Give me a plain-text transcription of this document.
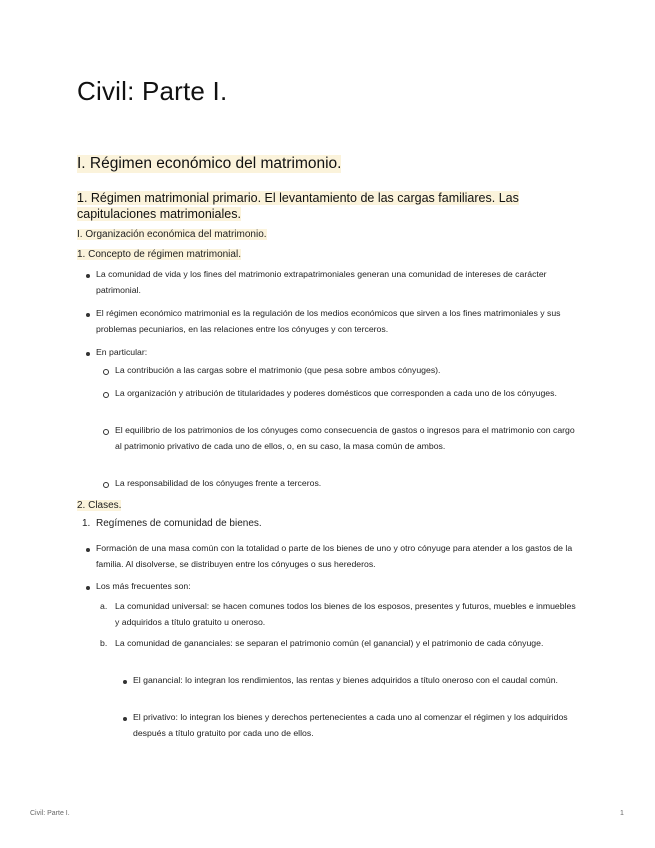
Civil: Parte I.
I. Régimen económico del matrimonio.
1. Régimen matrimonial primario. El levantamiento de las cargas familiares. Las capitulaciones matrimoniales.
I. Organización económica del matrimonio.
1. Concepto de régimen matrimonial.

La comunidad de vida y los fines del matrimonio extrapatrimoniales generan una comunidad de intereses de carácter patrimonial.

El régimen económico matrimonial es la regulación de los medios económicos que sirven a los fines matrimoniales y sus problemas pecuniarios, en las relaciones entre los cónyuges y con terceros.

En particular:

La contribución a las cargas sobre el matrimonio (que pesa sobre ambos cónyuges).

La organización y atribución de titularidades y poderes domésticos que corresponden a cada uno de los cónyuges.

El equilibrio de los patrimonios de los cónyuges como consecuencia de gastos o ingresos para el matrimonio con cargo al patrimonio privativo de cada uno de ellos, o, en su caso, la masa común de ambos.

La responsabilidad de los cónyuges frente a terceros.

2. Clases.
1. Regímenes de comunidad de bienes.

Formación de una masa común con la totalidad o parte de los bienes de uno y otro cónyuge para atender a los gastos de la familia. Al disolverse, se distribuyen entre los cónyuges o sus herederos.

Los más frecuentes son:

a. La comunidad universal: se hacen comunes todos los bienes de los esposos, presentes y futuros, muebles e inmuebles y adquiridos a título gratuito u oneroso.

b. La comunidad de gananciales: se separan el patrimonio común (el ganancial) y el patrimonio de cada cónyuge.

El ganancial: lo integran los rendimientos, las rentas y bienes adquiridos a título oneroso con el caudal común.

El privativo: lo integran los bienes y derechos pertenecientes a cada uno al comenzar el régimen y los adquiridos después a título gratuito por cada uno de ellos.

Civil: Parte I.	1
